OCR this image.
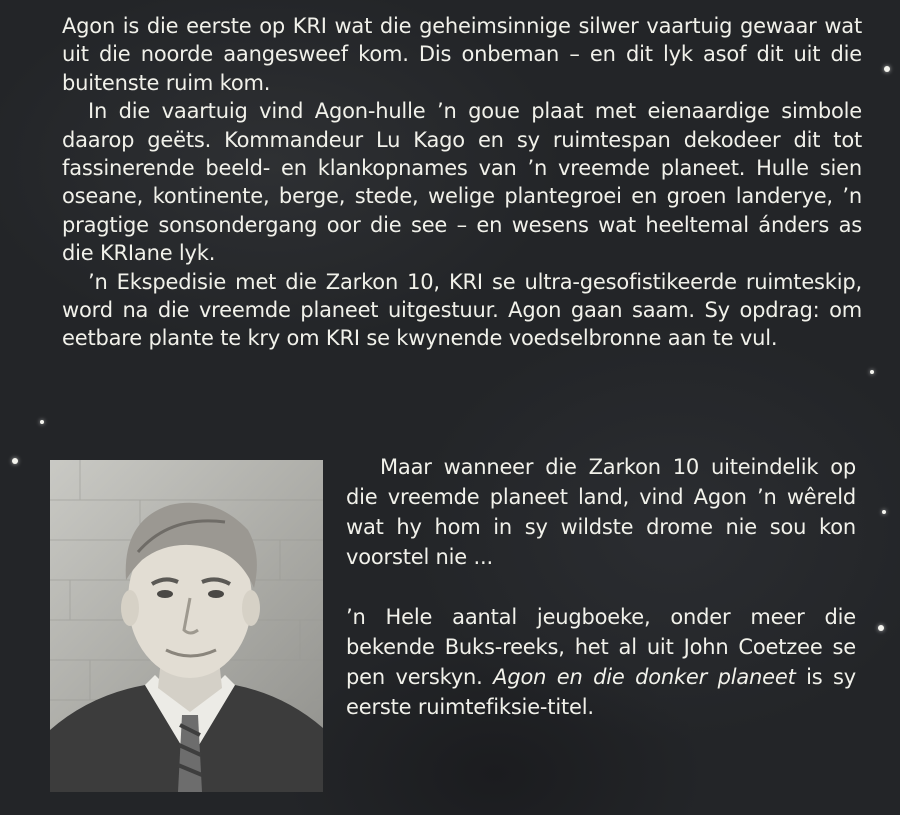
Agon is die eerste op KRI wat die geheimsinnige silwer vaartuig gewaar wat uit die noorde aangesweef kom. Dis onbeman – en dit lyk asof dit uit die buitenste ruim kom.

In die vaartuig vind Agon-hulle ’n goue plaat met eienaardige simbole daarop geëts. Kommandeur Lu Kago en sy ruimtespan dekodeer dit tot fassinerende beeld- en klankopnames van ’n vreemde planeet. Hulle sien oseane, kontinente, berge, stede, welige plantegroei en groen landerye, ’n pragtige sonsondergang oor die see – en wesens wat heeltemal ánders as die KRIane lyk.

’n Ekspedisie met die Zarkon 10, KRI se ultra-gesofistikeerde ruimteskip, word na die vreemde planeet uitgestuur. Agon gaan saam. Sy opdrag: om eetbare plante te kry om KRI se kwynende voedselbronne aan te vul.

Maar wanneer die Zarkon 10 uiteindelik op die vreemde planeet land, vind Agon ’n wêreld wat hy hom in sy wildste drome nie sou kon voorstel nie ...

’n Hele aantal jeugboeke, onder meer die bekende Buks-reeks, het al uit John Coetzee se pen verskyn. Agon en die donker planeet is sy eerste ruimtefiksie-titel.
